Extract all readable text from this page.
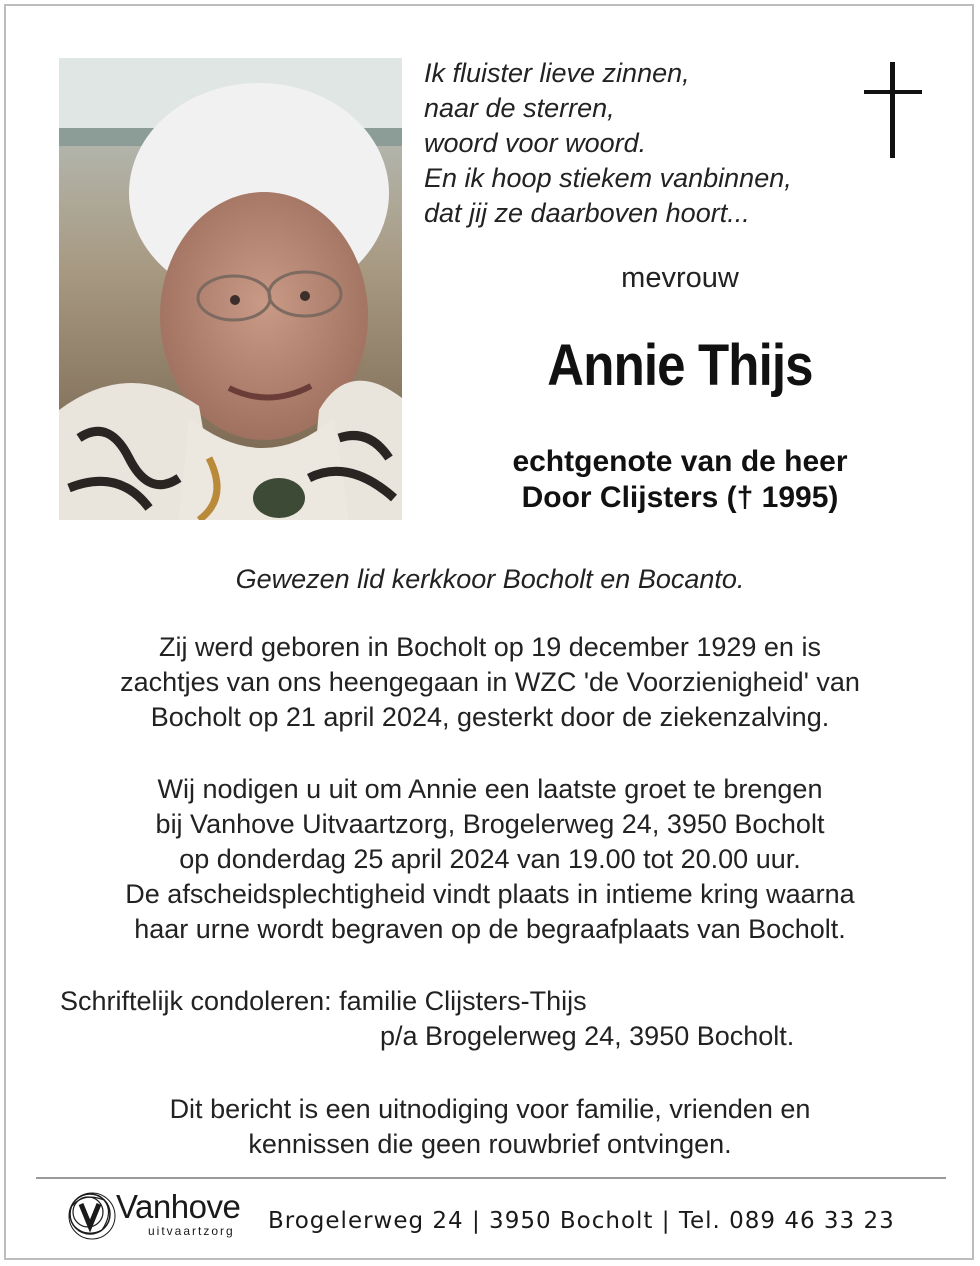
Ik fluister lieve zinnen,
naar de sterren,
woord voor woord.
En ik hoop stiekem vanbinnen,
dat jij ze daarboven hoort...
mevrouw
Annie Thijs
echtgenote van de heer
Door Clijsters († 1995)
Gewezen lid kerkkoor Bocholt en Bocanto.
Zij werd geboren in Bocholt op 19 december 1929 en is
zachtjes van ons heengegaan in WZC 'de Voorzienigheid' van
Bocholt op 21 april 2024, gesterkt door de ziekenzalving.
Wij nodigen u uit om Annie een laatste groet te brengen
bij Vanhove Uitvaartzorg, Brogelerweg 24, 3950 Bocholt
op donderdag 25 april 2024 van 19.00 tot 20.00 uur.
De afscheidsplechtigheid vindt plaats in intieme kring waarna
haar urne wordt begraven op de begraafplaats van Bocholt.
Schriftelijk condoleren: familie Clijsters-Thijs
p/a Brogelerweg 24, 3950 Bocholt.
Dit bericht is een uitnodiging voor familie, vrienden en
kennissen die geen rouwbrief ontvingen.
Vanhove
uitvaartzorg Brogelerweg 24 | 3950 Bocholt | Tel. 089 46 33 23
